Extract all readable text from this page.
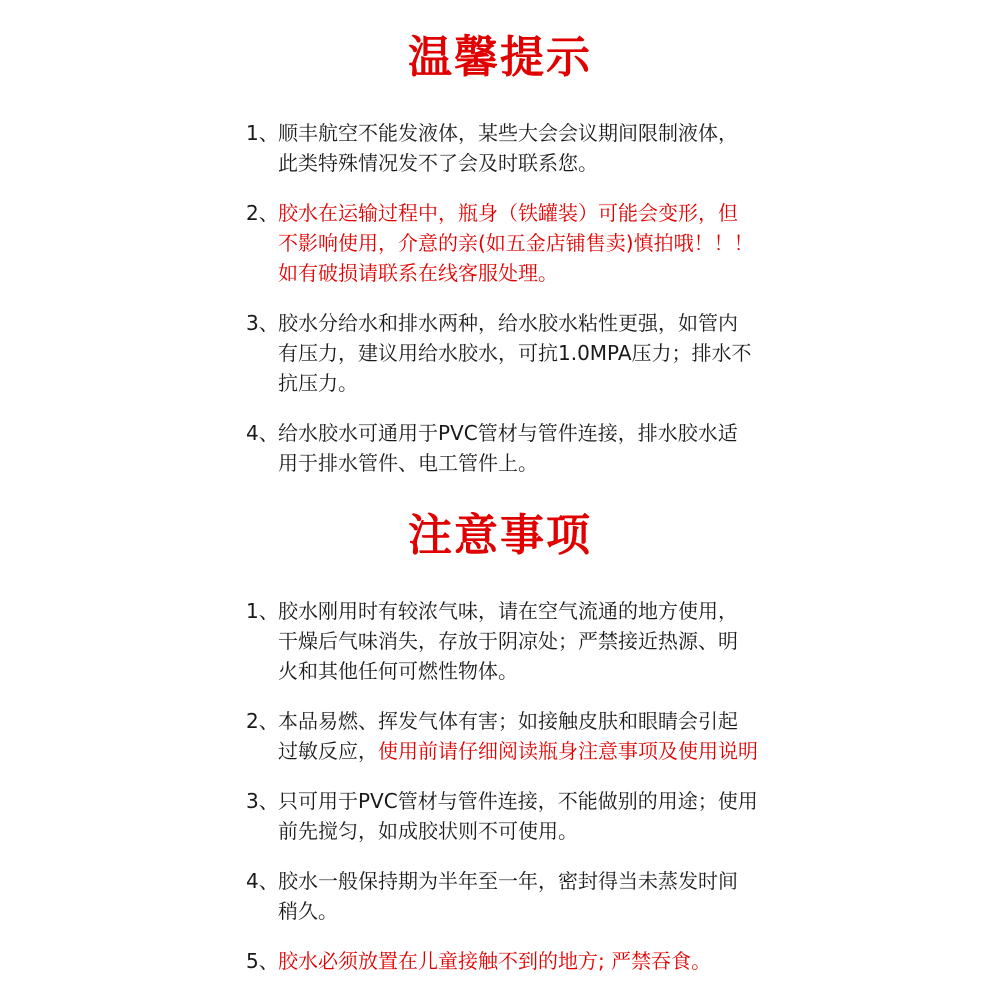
温馨提示
1、 顺丰航空不能发液体，某些大会会议期间限制液体，
此类特殊情况发不了会及时联系您。
2、 胶水在运输过程中，瓶身（铁罐装）可能会变形，但
不影响使用，介意的亲(如五金店铺售卖)慎拍哦！！！
如有破损请联系在线客服处理。
3、 胶水分给水和排水两种，给水胶水粘性更强，如管内
有压力，建议用给水胶水，可抗1.0MPA压力；排水不
抗压力。
4、 给水胶水可通用于PVC管材与管件连接，排水胶水适
用于排水管件、电工管件上。
注意事项
1、 胶水刚用时有较浓气味，请在空气流通的地方使用，
干燥后气味消失，存放于阴凉处；严禁接近热源、明
火和其他任何可燃性物体。
2、 本品易燃、挥发气体有害；如接触皮肤和眼睛会引起
过敏反应，使用前请仔细阅读瓶身注意事项及使用说明
3、 只可用于PVC管材与管件连接，不能做别的用途；使用
前先搅匀，如成胶状则不可使用。
4、 胶水一般保持期为半年至一年，密封得当未蒸发时间
稍久。
5、 胶水必须放置在儿童接触不到的地方; 严禁吞食。
